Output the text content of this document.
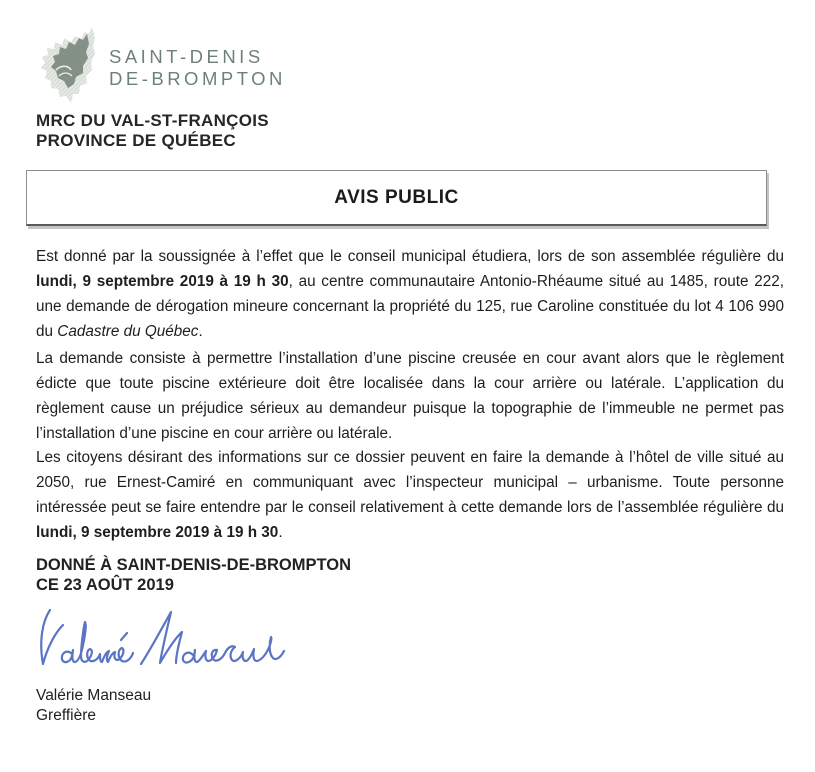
SAINT-DENIS
DE-BROMPTON
MRC DU VAL-ST-FRANÇOIS
PROVINCE DE QUÉBEC
AVIS PUBLIC

Est donné par la soussignée à l’effet que le conseil municipal étudiera, lors de son assemblée régulière du lundi, 9 septembre 2019 à 19 h 30, au centre communautaire Antonio-Rhéaume situé au 1485, route 222, une demande de dérogation mineure concernant la propriété du 125, rue Caroline constituée du lot 4 106 990 du Cadastre du Québec.

La demande consiste à permettre l’installation d’une piscine creusée en cour avant alors que le règlement édicte que toute piscine extérieure doit être localisée dans la cour arrière ou latérale. L’application du règlement cause un préjudice sérieux au demandeur puisque la topographie de l’immeuble ne permet pas l’installation d’une piscine en cour arrière ou latérale.

Les citoyens désirant des informations sur ce dossier peuvent en faire la demande à l’hôtel de ville situé au 2050, rue Ernest-Camiré en communiquant avec l’inspecteur municipal – urbanisme. Toute personne intéressée peut se faire entendre par le conseil relativement à cette demande lors de l’assemblée régulière du lundi, 9 septembre 2019 à 19 h 30.

DONNÉ À SAINT-DENIS-DE-BROMPTON
CE 23 AOÛT 2019
Valérie Manseau
Greffière
